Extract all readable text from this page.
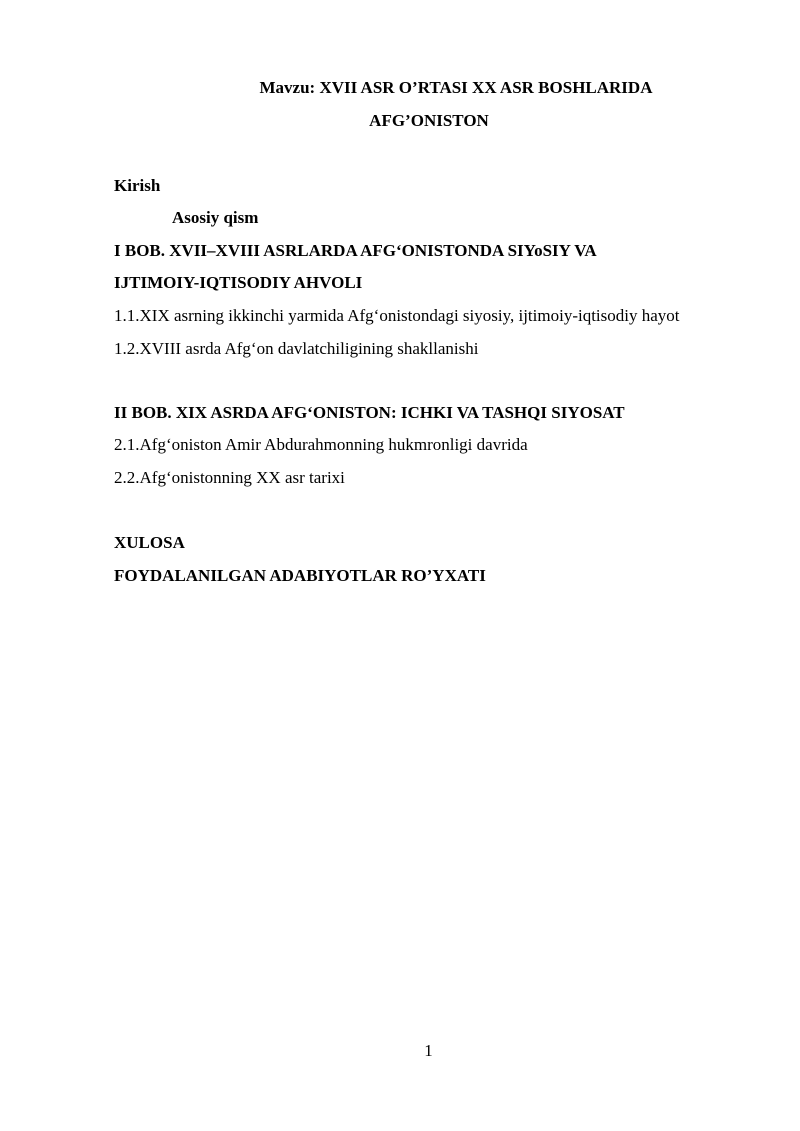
Mavzu: XVII ASR O’RTASI XX ASR BOSHLARIDA
AFG’ONISTON
Kirish
Asosiy qism
I BOB. XVII–XVIII ASRLARDA AFG‘ONISTONDA SIYoSIY VA
IJTIMOIY-IQTISODIY AHVOLI
1.1.XIX asrning ikkinchi yarmida Afg‘onistondagi siyosiy, ijtimoiy-iqtisodiy hayot
1.2.XVIII asrda Afg‘on davlatchiligining shakllanishi
II BOB. XIX ASRDA AFG‘ONISTON: ICHKI VA TASHQI SIYOSAT
2.1.Afg‘oniston Amir Abdurahmonning hukmronligi davrida
2.2.Afg‘onistonning XX asr tarixi
XULOSA
FOYDALANILGAN ADABIYOTLAR RO’YXATI
1
